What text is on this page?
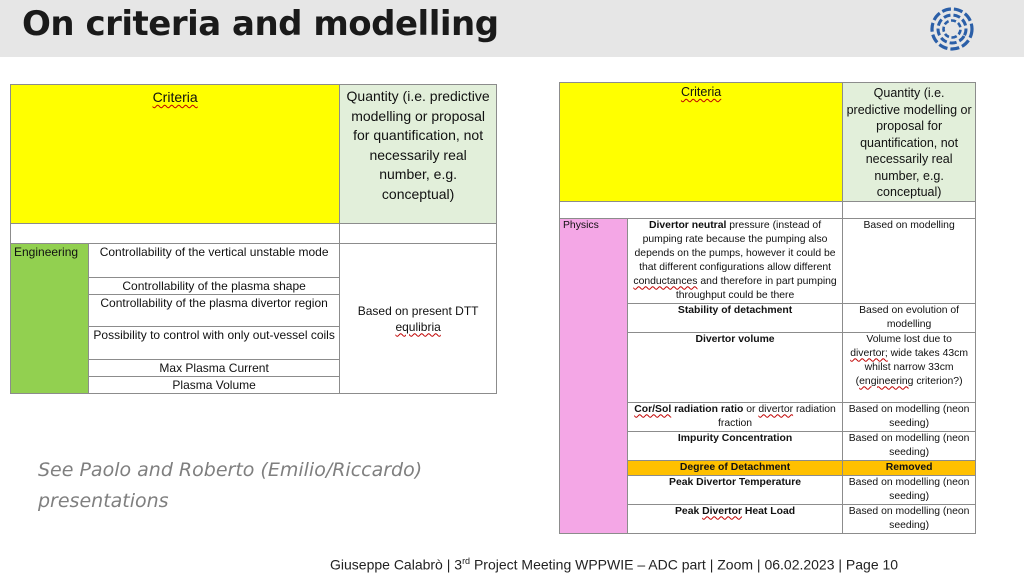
On criteria and modelling
Criteria		Quantity (i.e. predictive modelling or proposal for quantification, not necessarily real number, e.g. conceptual)

Engineering	Controllability of the vertical unstable mode	Based on present DTT
equlibria
	Controllability of the plasma shape	
	Controllability of the plasma divertor region	
	Possibility to control with only out-vessel coils	
	Max Plasma Current	
	Plasma Volume	
Criteria		Quantity (i.e. predictive modelling or proposal for quantification, not necessarily real number, e.g. conceptual)

Physics	Divertor neutral pressure (instead of pumping rate because the pumping also depends on the pumps, however it could be that different configurations allow different conductances and therefore in part pumping throughput could be there	Based on modelling
	Stability of detachment	Based on evolution of modelling
	Divertor volume	Volume lost due to divertor; wide takes 43cm whilst narrow 33cm (engineering criterion?)
	Cor/Sol radiation ratio or divertor radiation fraction	Based on modelling (neon seeding)
	Impurity Concentration	Based on modelling (neon seeding)
	Degree of Detachment	Removed
	Peak Divertor Temperature	Based on modelling (neon seeding)
	Peak Divertor Heat Load	Based on modelling (neon seeding)
See Paolo and Roberto (Emilio/Riccardo) presentations
Giuseppe Calabrò | 3rd Project Meeting WPPWIE – ADC part | Zoom | 06.02.2023 | Page 10
